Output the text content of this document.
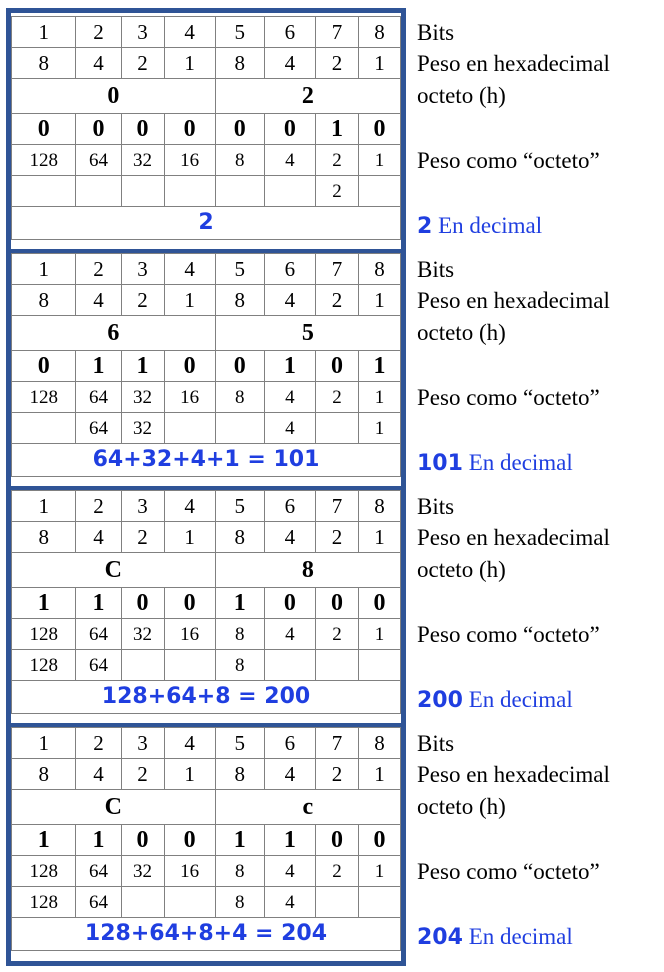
1	2	3	4	5	6	7	8
8	4	2	1	8	4	2	1
0				2			
0	0	0	0	0	0	1	0
128	64	32	16	8	4	2	1
						2	
2							
Bits
Peso en hexadecimal
octeto (h)
Peso como “octeto”
2 En decimal
1	2	3	4	5	6	7	8
8	4	2	1	8	4	2	1
6				5			
0	1	1	0	0	1	0	1
128	64	32	16	8	4	2	1
	64	32			4		1
64+32+4+1 = 101							
Bits
Peso en hexadecimal
octeto (h)
Peso como “octeto”
101 En decimal
1	2	3	4	5	6	7	8
8	4	2	1	8	4	2	1
C				8			
1	1	0	0	1	0	0	0
128	64	32	16	8	4	2	1
128	64			8			
128+64+8 = 200							
Bits
Peso en hexadecimal
octeto (h)
Peso como “octeto”
200 En decimal
1	2	3	4	5	6	7	8
8	4	2	1	8	4	2	1
C				c			
1	1	0	0	1	1	0	0
128	64	32	16	8	4	2	1
128	64			8	4		
128+64+8+4 = 204							
Bits
Peso en hexadecimal
octeto (h)
Peso como “octeto”
204 En decimal
